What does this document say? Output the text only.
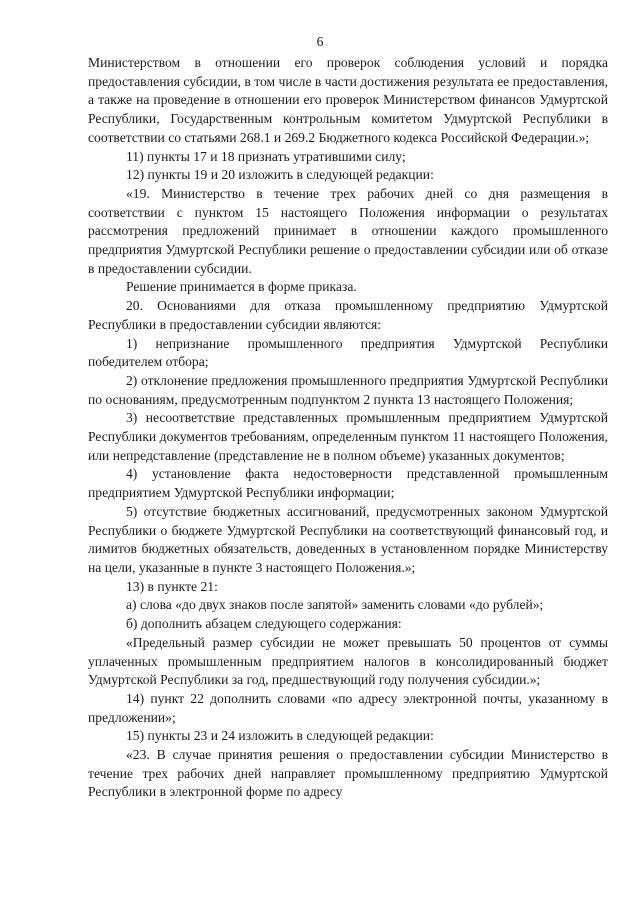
6

Министерством в отношении его проверок соблюдения условий и порядка предоставления субсидии, в том числе в части достижения результата ее предоставления, а также на проведение в отношении его проверок Министерством финансов Удмуртской Республики, Государственным контрольным комитетом Удмуртской Республики в соответствии со статьями 268.1 и 269.2 Бюджетного кодекса Российской Федерации.»;

11) пункты 17 и 18 признать утратившими силу;

12) пункты 19 и 20 изложить в следующей редакции:

«19. Министерство в течение трех рабочих дней со дня размещения в соответствии с пунктом 15 настоящего Положения информации о результатах рассмотрения предложений принимает в отношении каждого промышленного предприятия Удмуртской Республики решение о предоставлении субсидии или об отказе в предоставлении субсидии.

Решение принимается в форме приказа.

20. Основаниями для отказа промышленному предприятию Удмуртской Республики в предоставлении субсидии являются:

1) непризнание промышленного предприятия Удмуртской Республики победителем отбора;

2) отклонение предложения промышленного предприятия Удмуртской Республики по основаниям, предусмотренным подпунктом 2 пункта 13 настоящего Положения;

3) несоответствие представленных промышленным предприятием Удмуртской Республики документов требованиям, определенным пунктом 11 настоящего Положения, или непредставление (представление не в полном объеме) указанных документов;

4) установление факта недостоверности представленной промышленным предприятием Удмуртской Республики информации;

5) отсутствие бюджетных ассигнований, предусмотренных законом Удмуртской Республики о бюджете Удмуртской Республики на соответствующий финансовый год, и лимитов бюджетных обязательств, доведенных в установленном порядке Министерству на цели, указанные в пункте 3 настоящего Положения.»;

13) в пункте 21:

а) слова «до двух знаков после запятой» заменить словами «до рублей»;

б) дополнить абзацем следующего содержания:

«Предельный размер субсидии не может превышать 50 процентов от суммы уплаченных промышленным предприятием налогов в консолидированный бюджет Удмуртской Республики за год, предшествующий году получения субсидии.»;

14) пункт 22 дополнить словами «по адресу электронной почты, указанному в предложении»;

15) пункты 23 и 24 изложить в следующей редакции:

«23. В случае принятия решения о предоставлении субсидии Министерство в течение трех рабочих дней направляет промышленному предприятию Удмуртской Республики в электронной форме по адресу
